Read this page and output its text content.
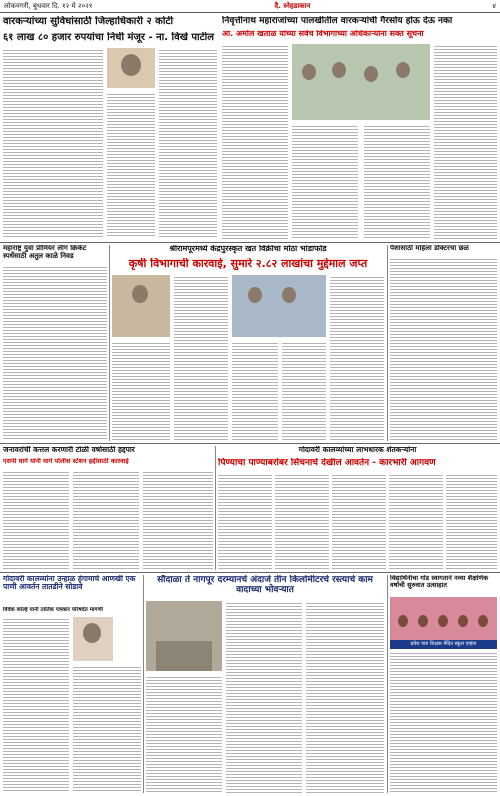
लोकनगरी, बुधवार दि. १२ मे २०२१	दै. स्नेहडाकान	४
वारकऱ्यांच्या सुविधांसाठी जिल्हाधिकारी २ कोटी
६१ लाख ८० हजार रुपयांचा निधी मंजूर - ना. विखे पाटील
निवृत्तीनाथ महाराजांच्या पालखीतील वारकऱ्यांची गैरसोय होऊ देऊ नका
आ. अमोल खताळ यांच्या सर्वच विभागाच्या अधिकाऱ्यांना सक्त सूचना
महाराष्ट्र युवा प्रीमियर लीग क्रिकेट स्पर्धेसाठी अतुल काळे निवड
श्रीरामपूरमध्ये केंद्रपुरस्कृत खत विक्रीचा मोठा भांडाफोड
कृषी विभागाची कारवाई, सुमारे २.८२ लाखांचा मुद्देमाल जप्त
पैशासाठी महिला डॉक्टरचा छळ
जनावरांची कत्तल करणारी टोळी वर्षासाठी हद्दपार
एसपी घार्गे यांनी घार्गे पोलीस स्टेशन हद्दीसाठी कारवाई
गोदावरी कालव्यांच्या लाभधारक शेतकऱ्यांना
पिण्याचा पाण्याबरोबर सिंचनाचे देखील आवर्तन - कारभारी आगवण
गोदावरी कालव्यांना उन्हाळ हंगामाचे आणखी एक पाणी आवर्तन तातडीने सोडावे
विवेक कोल्हे यांनी तातिक पत्रकार परिषदेत मागणी
सौंदाळा ते नागपूर दरम्यानचे अंदाजे तीन किलोमीटरचे रस्त्याचे काम वादाच्या भोवऱ्यात
विद्यार्थिनींचा गोड स्वागताने नव्या शैक्षणिक वर्षाची सुरुवात उत्साहात
प्रवेश पात्र शिक्षक मेंदित स्कूल एव्हान
